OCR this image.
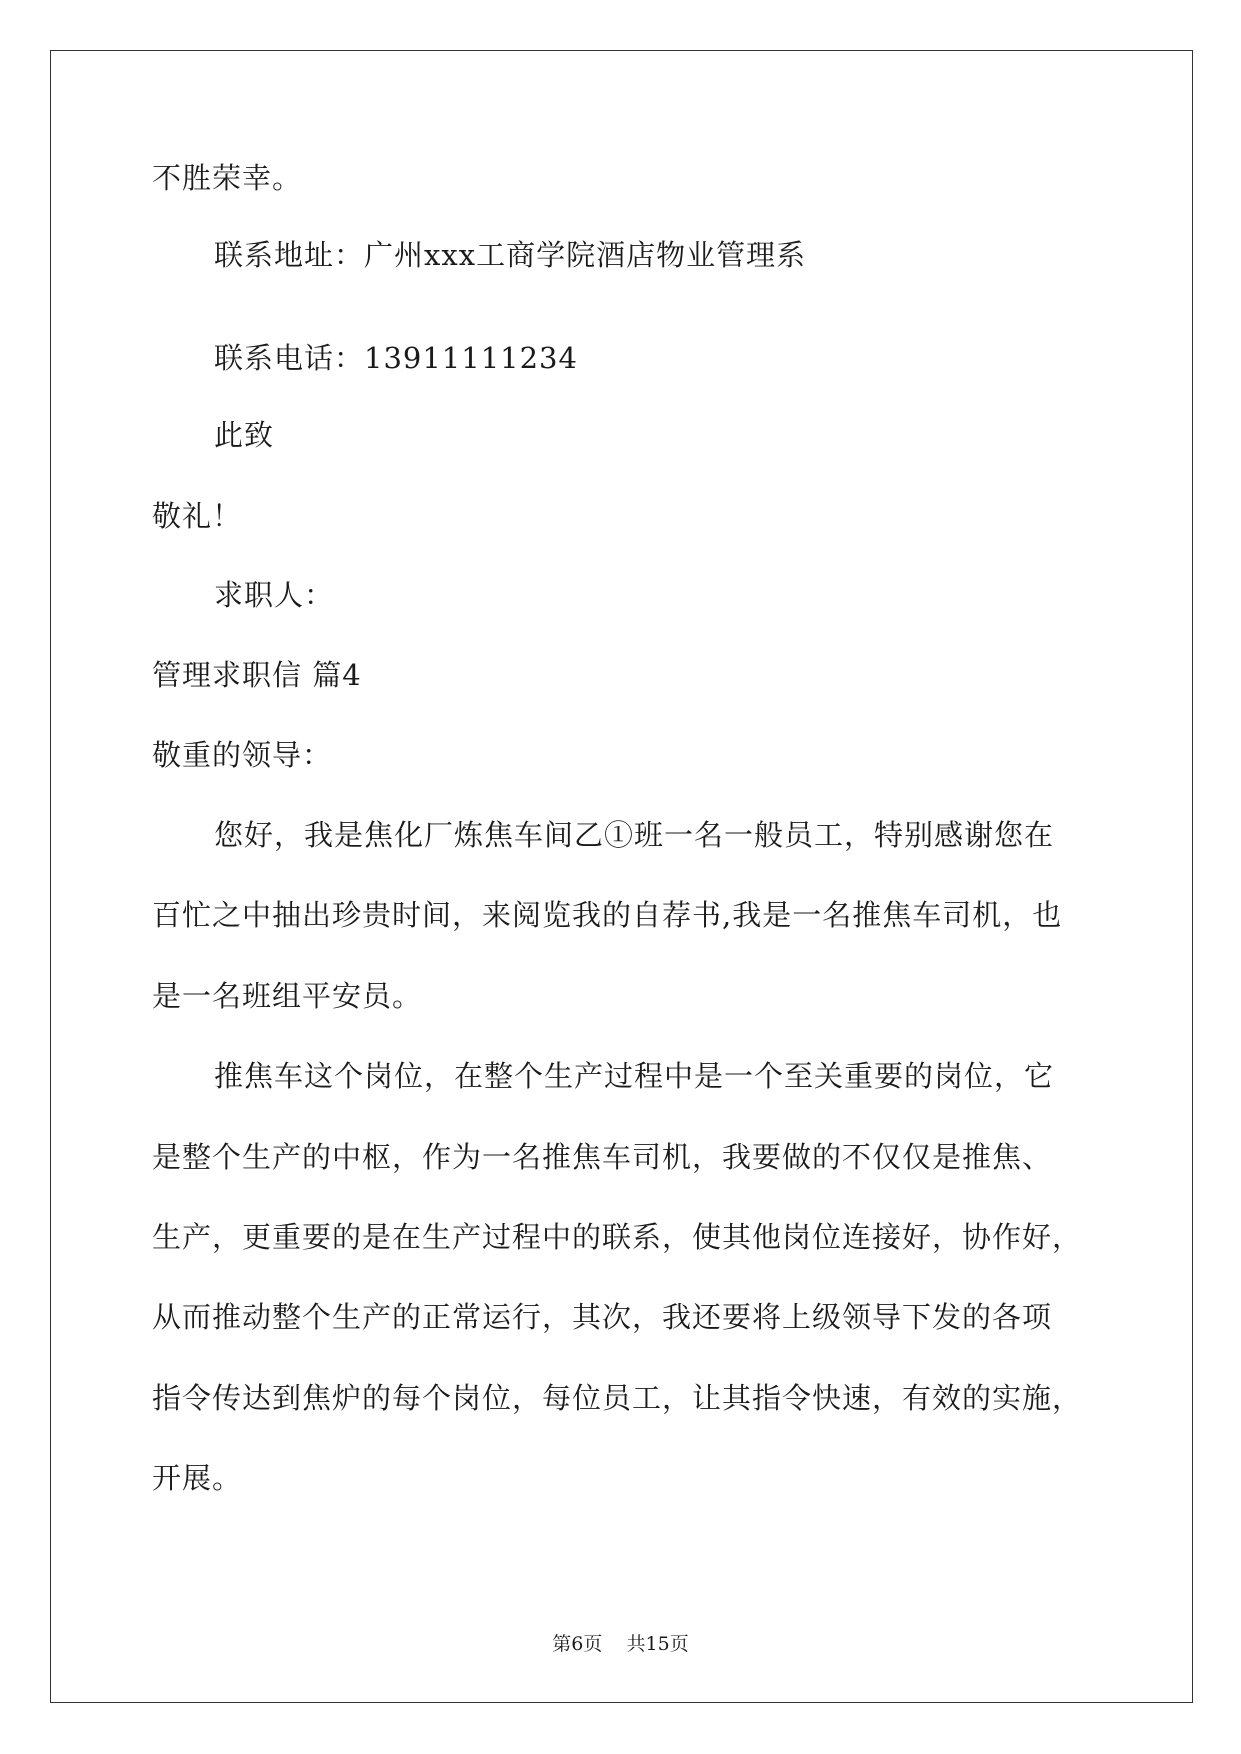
不胜荣幸。
联系地址：广州xxx工商学院酒店物业管理系
联系电话：13911111234
此致
敬礼！
求职人：
管理求职信 篇4
敬重的领导：
您好，我是焦化厂炼焦车间乙①班一名一般员工，特别感谢您在
百忙之中抽出珍贵时间，来阅览我的自荐书,我是一名推焦车司机，也
是一名班组平安员。
推焦车这个岗位，在整个生产过程中是一个至关重要的岗位，它
是整个生产的中枢，作为一名推焦车司机，我要做的不仅仅是推焦、
生产，更重要的是在生产过程中的联系，使其他岗位连接好，协作好，
从而推动整个生产的正常运行，其次，我还要将上级领导下发的各项
指令传达到焦炉的每个岗位，每位员工，让其指令快速，有效的实施，
开展。
第6页 共15页
